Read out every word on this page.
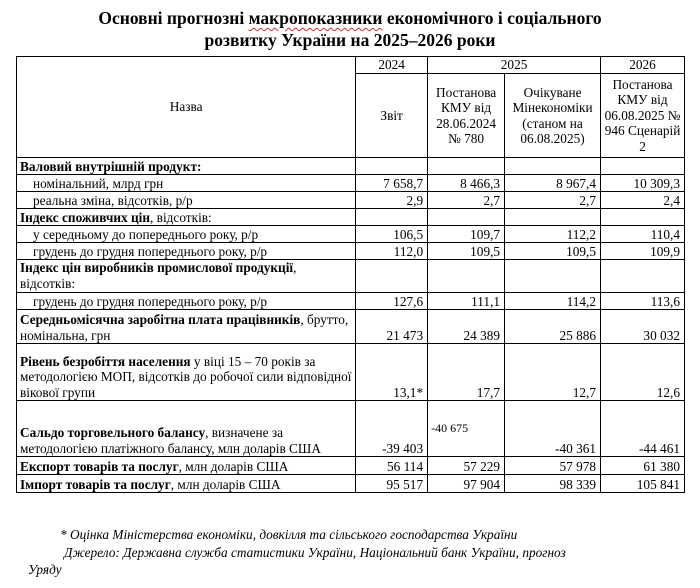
Основні прогнозні макропоказники економічного і соціального
розвитку України на 2025–2026 роки
Назва	2024	2025		2026
	Звіт	Постанова КМУ від 28.06.2024 № 780	Очікуване Мінекономіки (станом на 06.08.2025)	Постанова КМУ від 06.08.2025 № 946 Сценарій 2
Валовий внутрішній продукт:				
номінальний, млрд грн	7 658,7	8 466,3	8 967,4	10 309,3
реальна зміна, відсотків, р/р	2,9	2,7	2,7	2,4
Індекс споживчих цін, відсотків:				
у середньому до попереднього року, р/р	106,5	109,7	112,2	110,4
грудень до грудня попереднього року, р/р	112,0	109,5	109,5	109,9
Індекс цін виробників промислової продукції, відсотків:				
грудень до грудня попереднього року, р/р	127,6	111,1	114,2	113,6
Середньомісячна заробітна плата працівників, брутто, номінальна, грн	21 473	24 389	25 886	30 032
Рівень безробіття населення у віці 15 – 70 років за методологією МОП, відсотків до робочої сили відповідної вікової групи	13,1*	17,7	12,7	12,6
Сальдо торговельного балансу, визначене за методологією платіжного балансу, млн доларів США	-39 403	-40 675	-40 361	-44 461
Експорт товарів та послуг, млн доларів США	56 114	57 229	57 978	61 380
Імпорт товарів та послуг, млн доларів США	95 517	97 904	98 339	105 841
* Оцінка Міністерства економіки, довкілля та сільського господарства України
Джерело: Державна служба статистики України, Національний банк України, прогноз
Уряду
